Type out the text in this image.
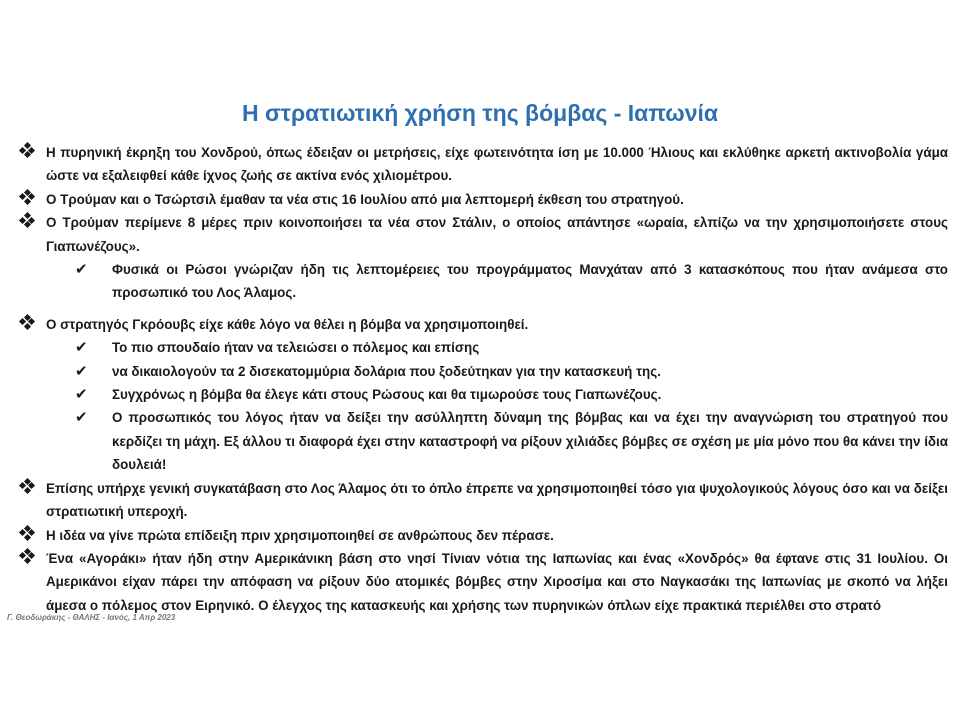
Η στρατιωτική χρήση της βόμβας - Ιαπωνία
Η πυρηνική έκρηξη του Χονδρού, όπως έδειξαν οι μετρήσεις, είχε φωτεινότητα ίση με 10.000 Ήλιους και εκλύθηκε αρκετή ακτινοβολία γάμα ώστε να εξαλειφθεί κάθε ίχνος ζωής σε ακτίνα ενός χιλιομέτρου.
Ο Τρούμαν και ο Τσώρτσιλ έμαθαν τα νέα στις 16 Ιουλίου από μια λεπτομερή έκθεση του στρατηγού.
Ο Τρούμαν περίμενε 8 μέρες πριν κοινοποιήσει τα νέα στον Στάλιν, ο οποίος απάντησε «ωραία, ελπίζω να την χρησιμοποιήσετε στους Γιαπωνέζους».
✔ Φυσικά οι Ρώσοι γνώριζαν ήδη τις λεπτομέρειες του προγράμματος Μανχάταν από 3 κατασκόπους που ήταν ανάμεσα στο προσωπικό του Λος Άλαμος.
Ο στρατηγός Γκρόουβς είχε κάθε λόγο να θέλει η βόμβα να χρησιμοποιηθεί.
✔ Το πιο σπουδαίο ήταν να τελειώσει ο πόλεμος και επίσης
✔ να δικαιολογούν τα 2 δισεκατομμύρια δολάρια που ξοδεύτηκαν για την κατασκευή της.
✔ Συγχρόνως η βόμβα θα έλεγε κάτι στους Ρώσους και θα τιμωρούσε τους Γιαπωνέζους.
✔ Ο προσωπικός του λόγος ήταν να δείξει την ασύλληπτη δύναμη της βόμβας και να έχει την αναγνώριση του στρατηγού που κερδίζει τη μάχη. Εξ άλλου τι διαφορά έχει στην καταστροφή να ρίξουν χιλιάδες βόμβες σε σχέση με μία μόνο που θα κάνει την ίδια δουλειά!
Επίσης υπήρχε γενική συγκατάβαση στο Λος Άλαμος ότι το όπλο έπρεπε να χρησιμοποιηθεί τόσο για ψυχολογικούς λόγους όσο και να δείξει στρατιωτική υπεροχή.
Η ιδέα να γίνε πρώτα επίδειξη πριν χρησιμοποιηθεί σε ανθρώπους δεν πέρασε.
Ένα «Αγοράκι» ήταν ήδη στην Αμερικάνικη βάση στο νησί Τίνιαν νότια της Ιαπωνίας και ένας «Χονδρός» θα έφτανε στις 31 Ιουλίου. Οι Αμερικάνοι είχαν πάρει την απόφαση να ρίξουν δύο ατομικές βόμβες στην Χιροσίμα και στο Ναγκασάκι της Ιαπωνίας με σκοπό να λήξει άμεσα ο πόλεμος στον Ειρηνικό. Ο έλεγχος της κατασκευής και χρήσης των πυρηνικών όπλων είχε πρακτικά περιέλθει στο στρατό
Γ. Θεοδωράκης - ΘΑΛΗΣ - Ιανός, 1 Απρ 2023
